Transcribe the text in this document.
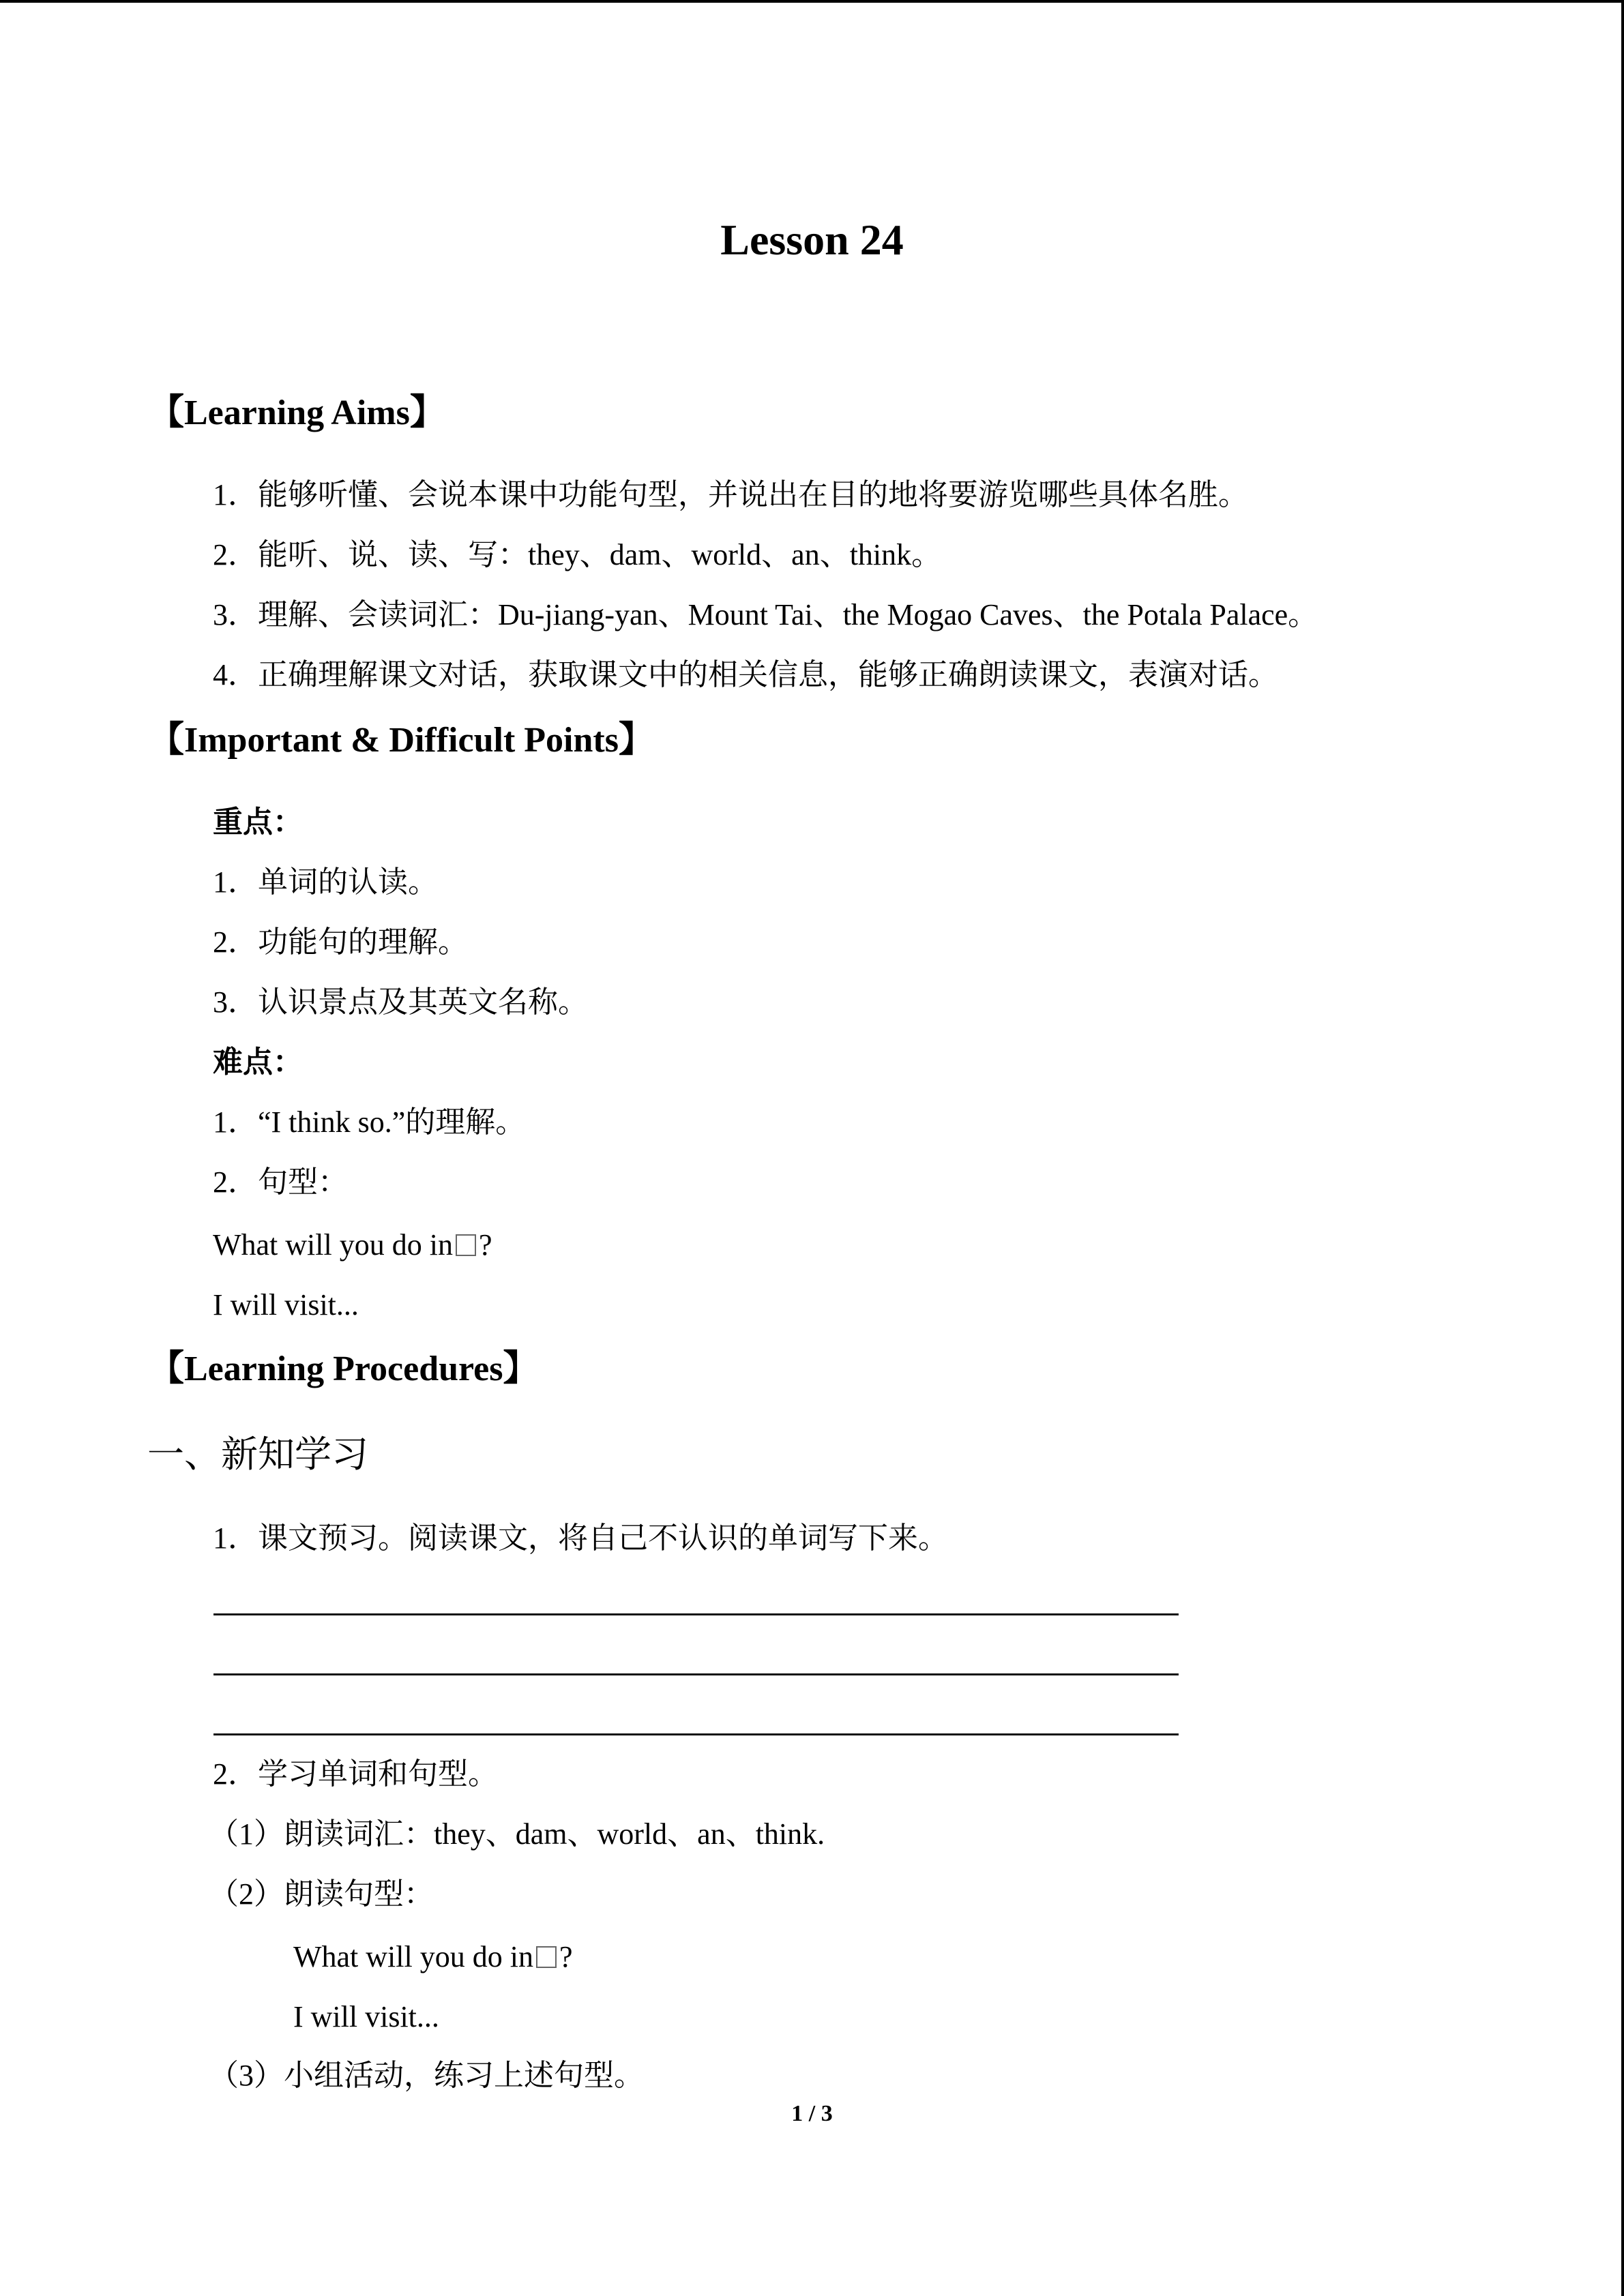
Lesson 24
【Learning Aims】
1．能够听懂、会说本课中功能句型，并说出在目的地将要游览哪些具体名胜。
2．能听、说、读、写：they、dam、world、an、think。
3．理解、会读词汇：Du-jiang-yan、Mount Tai、the Mogao Caves、the Potala Palace。
4．正确理解课文对话，获取课文中的相关信息，能够正确朗读课文，表演对话。
【Important & Difficult Points】
重点：
1．单词的认读。
2．功能句的理解。
3．认识景点及其英文名称。
难点：
1．“I think so.”的理解。
2．句型：
What will you do in ?
I will visit...
【Learning Procedures】
一、新知学习
1．课文预习。阅读课文，将自己不认识的单词写下来。
2．学习单词和句型。
（1）朗读词汇：they、dam、world、an、think.
（2）朗读句型：
What will you do in ?
I will visit...
（3）小组活动，练习上述句型。
1 / 3
